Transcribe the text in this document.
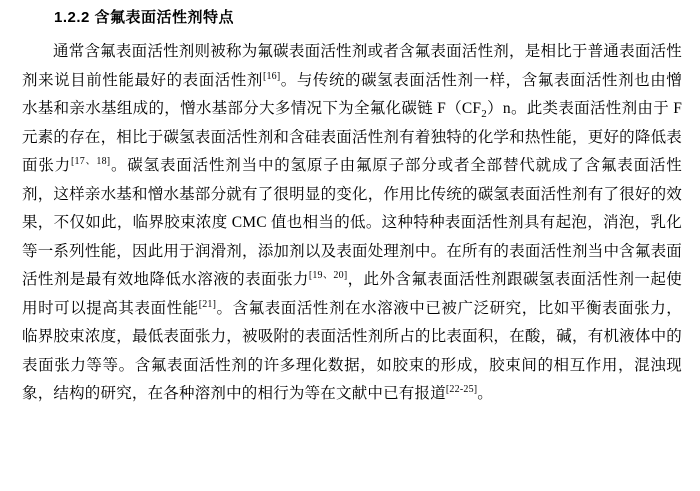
1.2.2 含氟表面活性剂特点

通常含氟表面活性剂则被称为氟碳表面活性剂或者含氟表面活性剂，是相比于普通表面活性剂来说目前性能最好的表面活性剂[16]。与传统的碳氢表面活性剂一样，含氟表面活性剂也由憎水基和亲水基组成的，憎水基部分大多情况下为全氟化碳链 $F(CF_2)n$。此类表面活性剂由于 F 元素的存在，相比于碳氢表面活性剂和含硅表面活性剂有着独特的化学和热性能，更好的降低表面张力[17、18]。碳氢表面活性剂当中的氢原子由氟原子部分或者全部替代就成了含氟表面活性剂，这样亲水基和憎水基部分就有了很明显的变化，作用比传统的碳氢表面活性剂有了很好的效果，不仅如此，临界胶束浓度 CMC 值也相当的低。这种特种表面活性剂具有起泡，消泡，乳化等一系列性能，因此用于润滑剂，添加剂以及表面处理剂中。在所有的表面活性剂当中含氟表面活性剂是最有效地降低水溶液的表面张力[19、20]，此外含氟表面活性剂跟碳氢表面活性剂一起使用时可以提高其表面性能[21]。含氟表面活性剂在水溶液中已被广泛研究，比如平衡表面张力，临界胶束浓度，最低表面张力，被吸附的表面活性剂所占的比表面积，在酸，碱，有机液体中的表面张力等等。含氟表面活性剂的许多理化数据，如胶束的形成，胶束间的相互作用，混浊现象，结构的研究，在各种溶剂中的相行为等在文献中已有报道[22-25]。
